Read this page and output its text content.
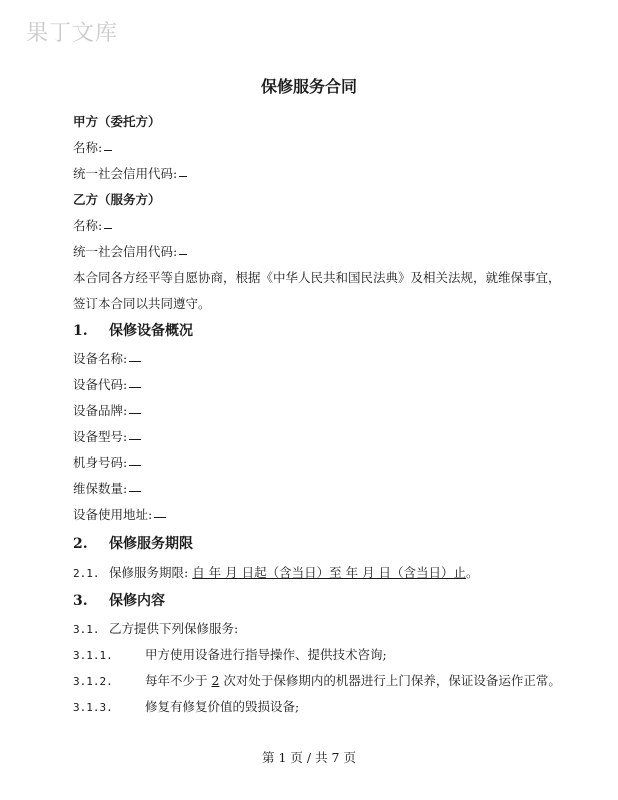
果丁文库
保修服务合同
甲方（委托方）
名称:
统一社会信用代码:
乙方（服务方）
名称:
统一社会信用代码:
本合同各方经平等自愿协商，根据《中华人民共和国民法典》及相关法规，就维保事宜，
签订本合同以共同遵守。
1. 保修设备概况
设备名称:
设备代码:
设备品牌:
设备型号:
机身号码:
维保数量:
设备使用地址:
2. 保修服务期限
2.1. 保修服务期限: 自 年 月 日起（含当日）至 年 月 日（含当日）止。
3. 保修内容
3.1. 乙方提供下列保修服务:
3.1.1.	甲方使用设备进行指导操作、提供技术咨询;
3.1.2.	每年不少于 2 次对处于保修期内的机器进行上门保养，保证设备运作正常。
3.1.3.	修复有修复价值的毁损设备;
第 1 页 / 共 7 页
